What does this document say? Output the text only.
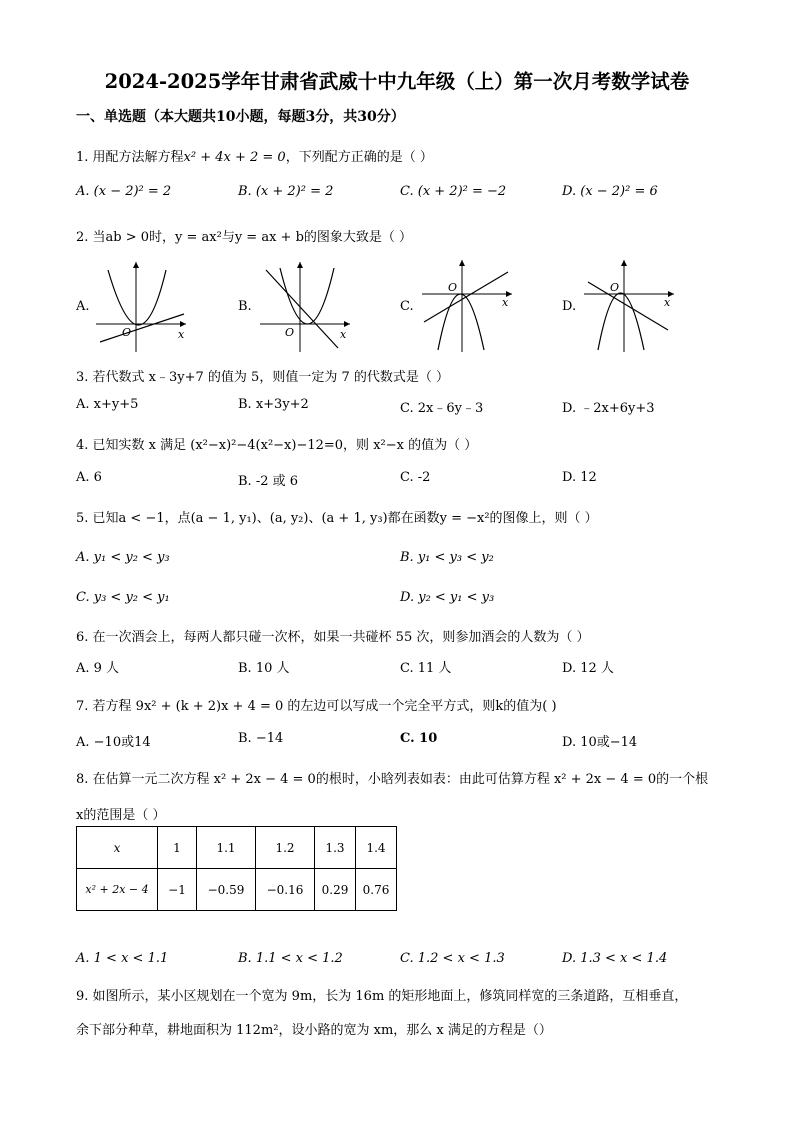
2024-2025学年甘肃省武威十中九年级（上）第一次月考数学试卷
一、单选题（本大题共10小题，每题3分，共30分）
1. 用配方法解方程x² + 4x + 2 = 0，下列配方正确的是（ ）
A. (x − 2)² = 2	B. (x + 2)² = 2	C. (x + 2)² = −2	D. (x − 2)² = 6
2. 当ab > 0时，y = ax²与y = ax + b的图象大致是（ ）
A.	B.	C.	D.
O	x	O	x
O
x
O
x
3. 若代数式 x﹣3y+7 的值为 5，则值一定为 7 的代数式是（ ）
A. x+y+5	B. x+3y+2	C. 2x﹣6y﹣3	D. ﹣2x+6y+3
4. 已知实数 x 满足 (x²−x)²−4(x²−x)−12=0，则 x²−x 的值为（ ）
A. 6	B. -2 或 6	C. -2	D. 12
5. 已知a < −1，点(a − 1, y₁)、(a, y₂)、(a + 1, y₃)都在函数y = −x²的图像上，则（ ）
A. y₁ < y₂ < y₃	B. y₁ < y₃ < y₂
C. y₃ < y₂ < y₁	D. y₂ < y₁ < y₃
6. 在一次酒会上，每两人都只碰一次杯，如果一共碰杯 55 次，则参加酒会的人数为（ ）
A. 9 人	B. 10 人	C. 11 人	D. 12 人
7. 若方程 9x² + (k + 2)x + 4 = 0 的左边可以写成一个完全平方式，则k的值为( )
A. −10或14	B. −14	C. 10	D. 10或−14
8. 在估算一元二次方程 x² + 2x − 4 = 0的根时，小晗列表如表：由此可估算方程 x² + 2x − 4 = 0的一个根
x的范围是（ ）
x	1	1.1	1.2	1.3	1.4
x² + 2x − 4	−1	−0.59	−0.16	0.29	0.76
A. 1 < x < 1.1	B. 1.1 < x < 1.2	C. 1.2 < x < 1.3	D. 1.3 < x < 1.4
9. 如图所示，某小区规划在一个宽为 9m，长为 16m 的矩形地面上，修筑同样宽的三条道路，互相垂直，
余下部分种草，耕地面积为 112m²，设小路的宽为 xm，那么 x 满足的方程是（）
